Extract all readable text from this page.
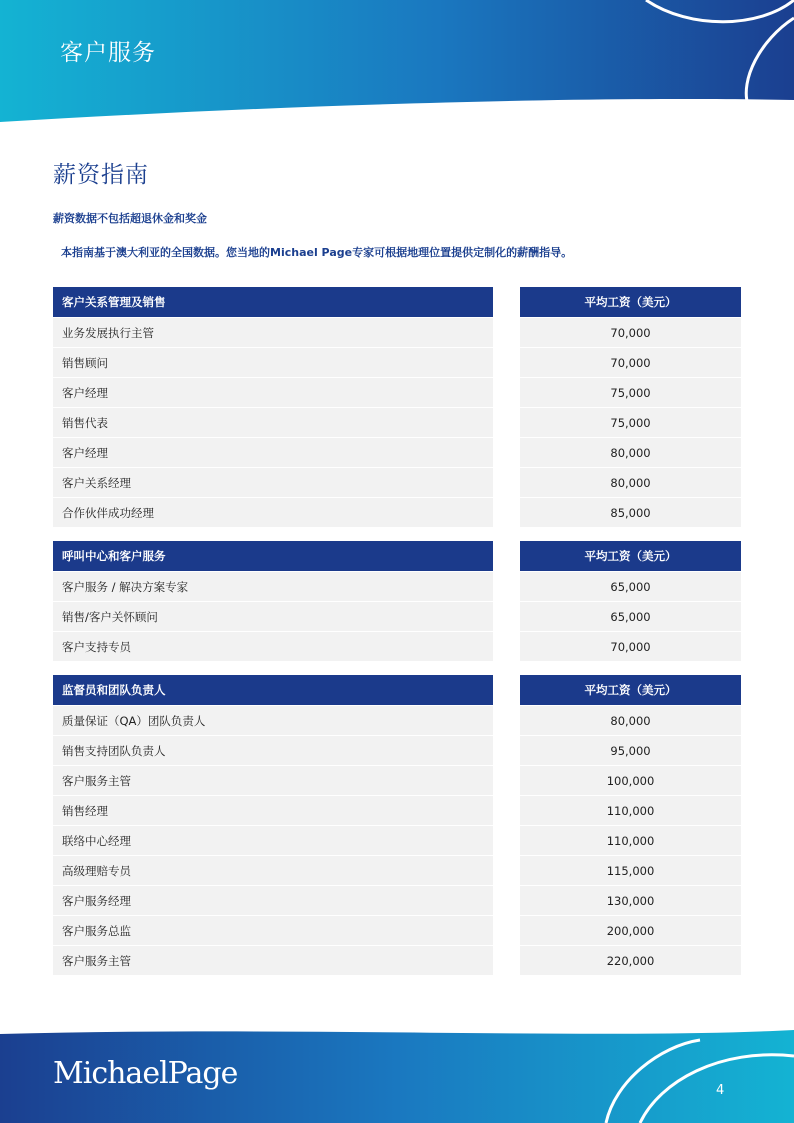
客户服务
薪资指南
薪资数据不包括超退休金和奖金
本指南基于澳大利亚的全国数据。您当地的Michael Page专家可根据地理位置提供定制化的薪酬指导。
客户关系管理及销售	平均工资（美元）
业务发展执行主管	70,000
销售顾问	70,000
客户经理	75,000
销售代表	75,000
客户经理	80,000
客户关系经理	80,000
合作伙伴成功经理	85,000
呼叫中心和客户服务	平均工资（美元）
客户服务 / 解决方案专家	65,000
销售/客户关怀顾问	65,000
客户支持专员	70,000
监督员和团队负责人	平均工资（美元）
质量保证（QA）团队负责人	80,000
销售支持团队负责人	95,000
客户服务主管	100,000
销售经理	110,000
联络中心经理	110,000
高级理赔专员	115,000
客户服务经理	130,000
客户服务总监	200,000
客户服务主管	220,000
MichaelPage	4
